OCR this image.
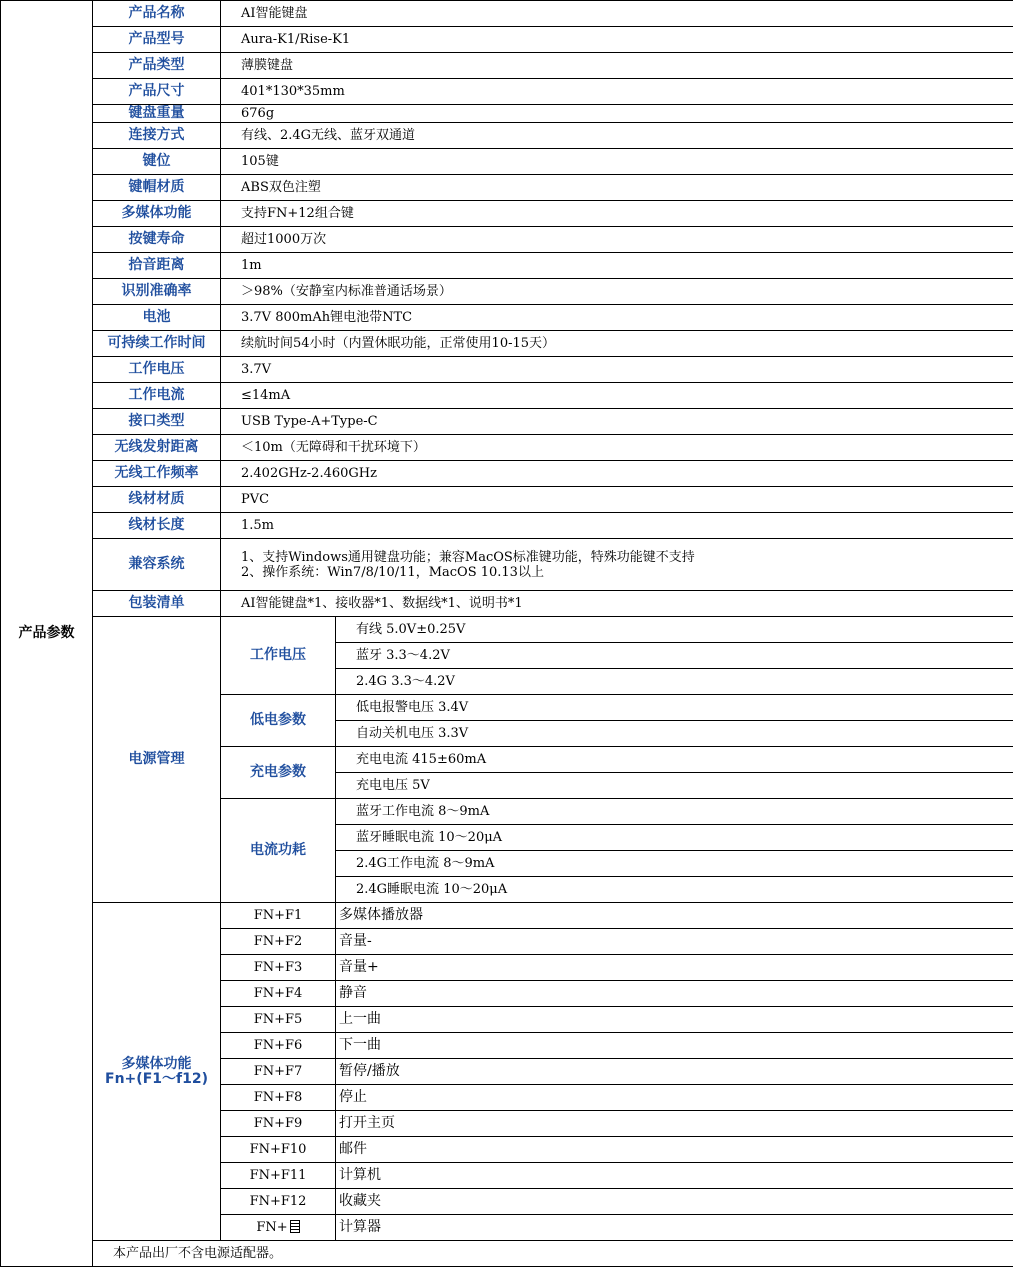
产品参数	产品名称	AI智能键盘	
	产品型号	Aura-K1/Rise-K1	
	产品类型	薄膜键盘	
	产品尺寸	401*130*35mm	
	键盘重量	676g	
	连接方式	有线、2.4G无线、蓝牙双通道	
	键位	105键	
	键帽材质	ABS双色注塑	
	多媒体功能	支持FN+12组合键	
	按键寿命	超过1000万次	
	拾音距离	1m	
	识别准确率	＞98%（安静室内标准普通话场景）	
	电池	3.7V 800mAh锂电池带NTC	
	可持续工作时间	续航时间54小时（内置休眠功能，正常使用10-15天）	
	工作电压	3.7V	
	工作电流	≤14mA	
	接口类型	USB Type-A+Type-C	
	无线发射距离	＜10m（无障碍和干扰环境下）	
	无线工作频率	2.402GHz-2.460GHz	
	线材材质	PVC	
	线材长度	1.5m	
	兼容系统	1、支持Windows通用键盘功能；兼容MacOS标准键功能，特殊功能键不支持
2、操作系统：Win7/8/10/11，MacOS 10.13以上	

	包装清单	AI智能键盘*1、接收器*1、数据线*1、说明书*1	
	电源管理	工作电压	有线 5.0V±0.25V
			蓝牙 3.3～4.2V
			2.4G 3.3～4.2V
		低电参数	低电报警电压 3.4V
			自动关机电压 3.3V
		充电参数	充电电流 415±60mA
			充电电压 5V
		电流功耗	蓝牙工作电流 8～9mA
			蓝牙睡眠电流 10～20μA
			2.4G工作电流 8～9mA
			2.4G睡眠电流 10～20μA

	多媒体功能
Fn+(F1～f12)	FN+F1	多媒体播放器
		FN+F2	音量-
		FN+F3	音量+
		FN+F4	静音
		FN+F5	上一曲
		FN+F6	下一曲
		FN+F7	暂停/播放
		FN+F8	停止
		FN+F9	打开主页
		FN+F10	邮件
		FN+F11	计算机
		FN+F12	收藏夹
		FN+	计算器
	本产品出厂不含电源适配器。		
